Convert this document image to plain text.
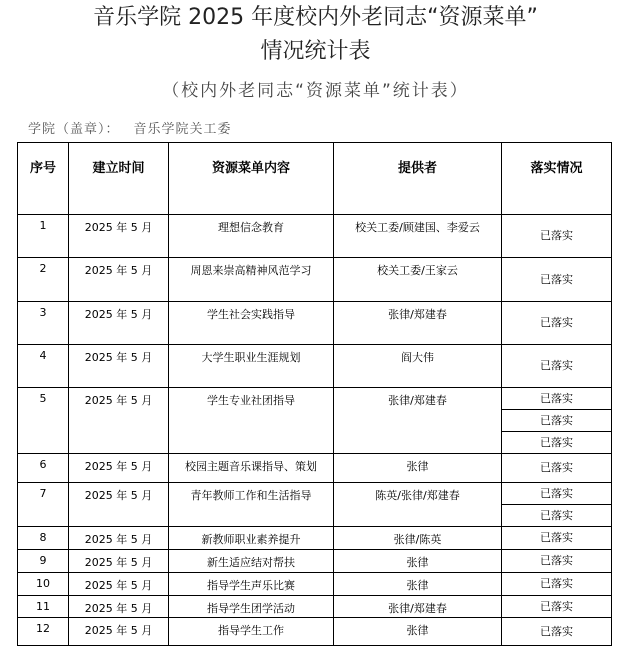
音乐学院 2025 年度校内外老同志“资源菜单”
情况统计表
（校内外老同志“资源菜单”统计表）
学院（盖章）： 音乐学院关工委
序号	建立时间	资源菜单内容	提供者	落实情况

1	2025 年 5 月	理想信念教育	校关工委/顾建国、李爱云	已落实

2	2025 年 5 月	周恩来崇高精神风范学习	校关工委/王家云	已落实

3	2025 年 5 月	学生社会实践指导	张律/郑建春	已落实

4	2025 年 5 月	大学生职业生涯规划	阎大伟	已落实

5	2025 年 5 月	学生专业社团指导	张律/郑建春	已落实
已落实
已落实

6	2025 年 5 月	校园主题音乐课指导、策划	张律	已落实

7	2025 年 5 月	青年教师工作和生活指导	陈英/张律/郑建春	已落实
已落实

8	2025 年 5 月	新教师职业素养提升	张律/陈英	已落实

9	2025 年 5 月	新生适应结对帮扶	张律	已落实

10	2025 年 5 月	指导学生声乐比赛	张律	已落实

11	2025 年 5 月	指导学生团学活动	张律/郑建春	已落实

12	2025 年 5 月	指导学生工作	张律	已落实
